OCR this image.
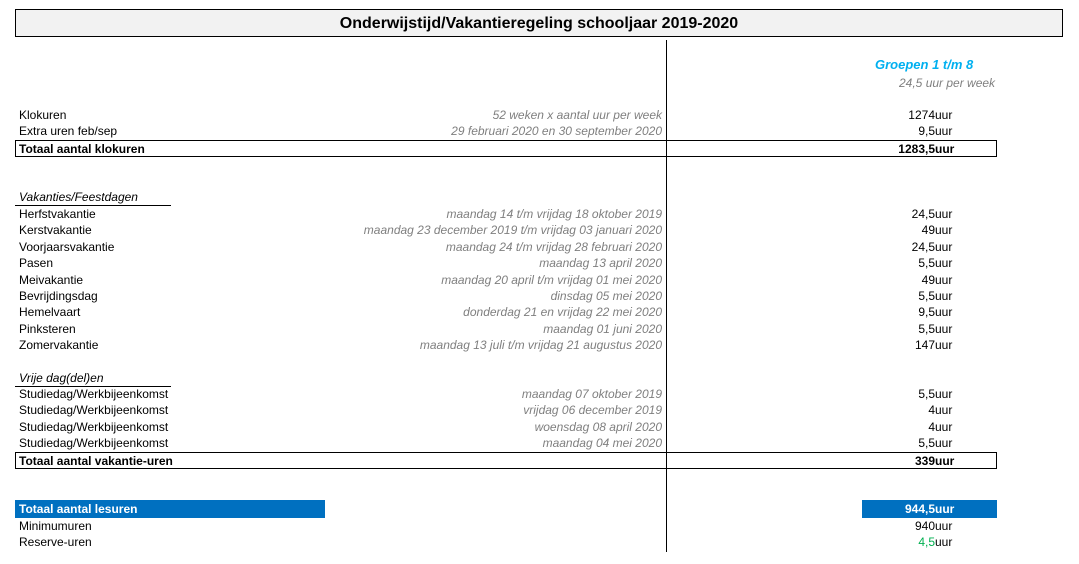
Onderwijstijd/Vakantieregeling schooljaar 2019-2020
Groepen 1 t/m 8
24,5 uur per week
Klokuren	52 weken x aantal uur per week	1274 uur
Extra uren feb/sep	29 februari 2020 en 30 september 2020	9,5 uur
Totaal aantal klokuren	1283,5 uur
Vakanties/Feestdagen
Herfstvakantie	maandag 14 t/m vrijdag 18 oktober 2019	24,5 uur
Kerstvakantie	maandag 23 december 2019 t/m vrijdag 03 januari 2020	49 uur
Voorjaarsvakantie	maandag 24 t/m vrijdag 28 februari 2020	24,5 uur
Pasen	maandag 13 april 2020	5,5 uur
Meivakantie	maandag 20 april t/m vrijdag 01 mei 2020	49 uur
Bevrijdingsdag	dinsdag 05 mei 2020	5,5 uur
Hemelvaart	donderdag 21 en vrijdag 22 mei 2020	9,5 uur
Pinksteren	maandag 01 juni 2020	5,5 uur
Zomervakantie	maandag 13 juli t/m vrijdag 21 augustus 2020	147 uur
Vrije dag(del)en
Studiedag/Werkbijeenkomst	maandag 07 oktober 2019	5,5 uur
Studiedag/Werkbijeenkomst	vrijdag 06 december 2019	4 uur
Studiedag/Werkbijeenkomst	woensdag 08 april 2020	4 uur
Studiedag/Werkbijeenkomst	maandag 04 mei 2020	5,5 uur
Totaal aantal vakantie-uren	339 uur
Totaal aantal lesuren	944,5 uur
Minimumuren	940 uur
Reserve-uren	4,5 uur
